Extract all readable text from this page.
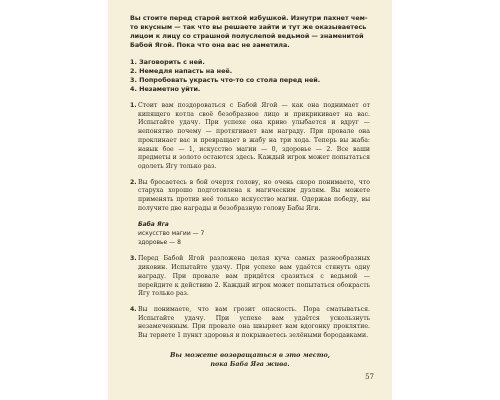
Вы стоите перед старой ветхой избушкой. Изнутри пахнет чем-то вкусным — так что вы решаете зайти и тут же оказываетесь лицом к лицу со страшной полуслепой ведьмой — знаменитой Бабой Ягой. Пока что она вас не заметила.

1. Заговорить с ней.
2. Немедля напасть на неё.
3. Попробовать украсть что-то со стола перед ней.
4. Незаметно уйти.
1. Стоит вам поздороваться с Бабой Ягой — как она поднимает от кипящего котла своё безобразное лицо и прикрикивает на вас. Испытайте удачу. При успехе она криво улыбается и вдруг — непонятно почему — протягивает вам награду. При провале она проклинает вас и превращает в жабу на три хода. Теперь вы жаба: навык бое — 1, искусство магии — 0, здоровье — 2. Все ваши предметы и золото остаются здесь. Каждый игрок может попытаться одолеть Ягу только раз.
2. Вы бросаетесь в бой очертя голову, но очень скоро понимаете, что старуха хорошо подготовлена к магическим дуэлям. Вы можете применять против неё только искусство магии. Одержав победу, вы получите две награды и безобразную голову Бабы Яги.
Баба Яга
искусство магии — 7
здоровье — 8
3. Перед Бабой Ягой разложена целая куча самых разнообразных диковин. Испытайте удачу. При успехе вам удаётся стянуть одну награду. При провале вам придётся сразиться с ведьмой — перейдите к действию 2. Каждый игрок может попытаться обокрасть Ягу только раз.
4. Вы понимаете, что вам грозит опасность. Пора сматываться. Испытайте удачу. При успехе вам удаётся ускользнуть незамеченным. При провале она швыряет вам вдогонку проклятие. Вы теряете 1 пункт здоровья и покрываетесь зелёными бородавками.
Вы можете возвращаться в это место,
пока Баба Яга жива.
57
